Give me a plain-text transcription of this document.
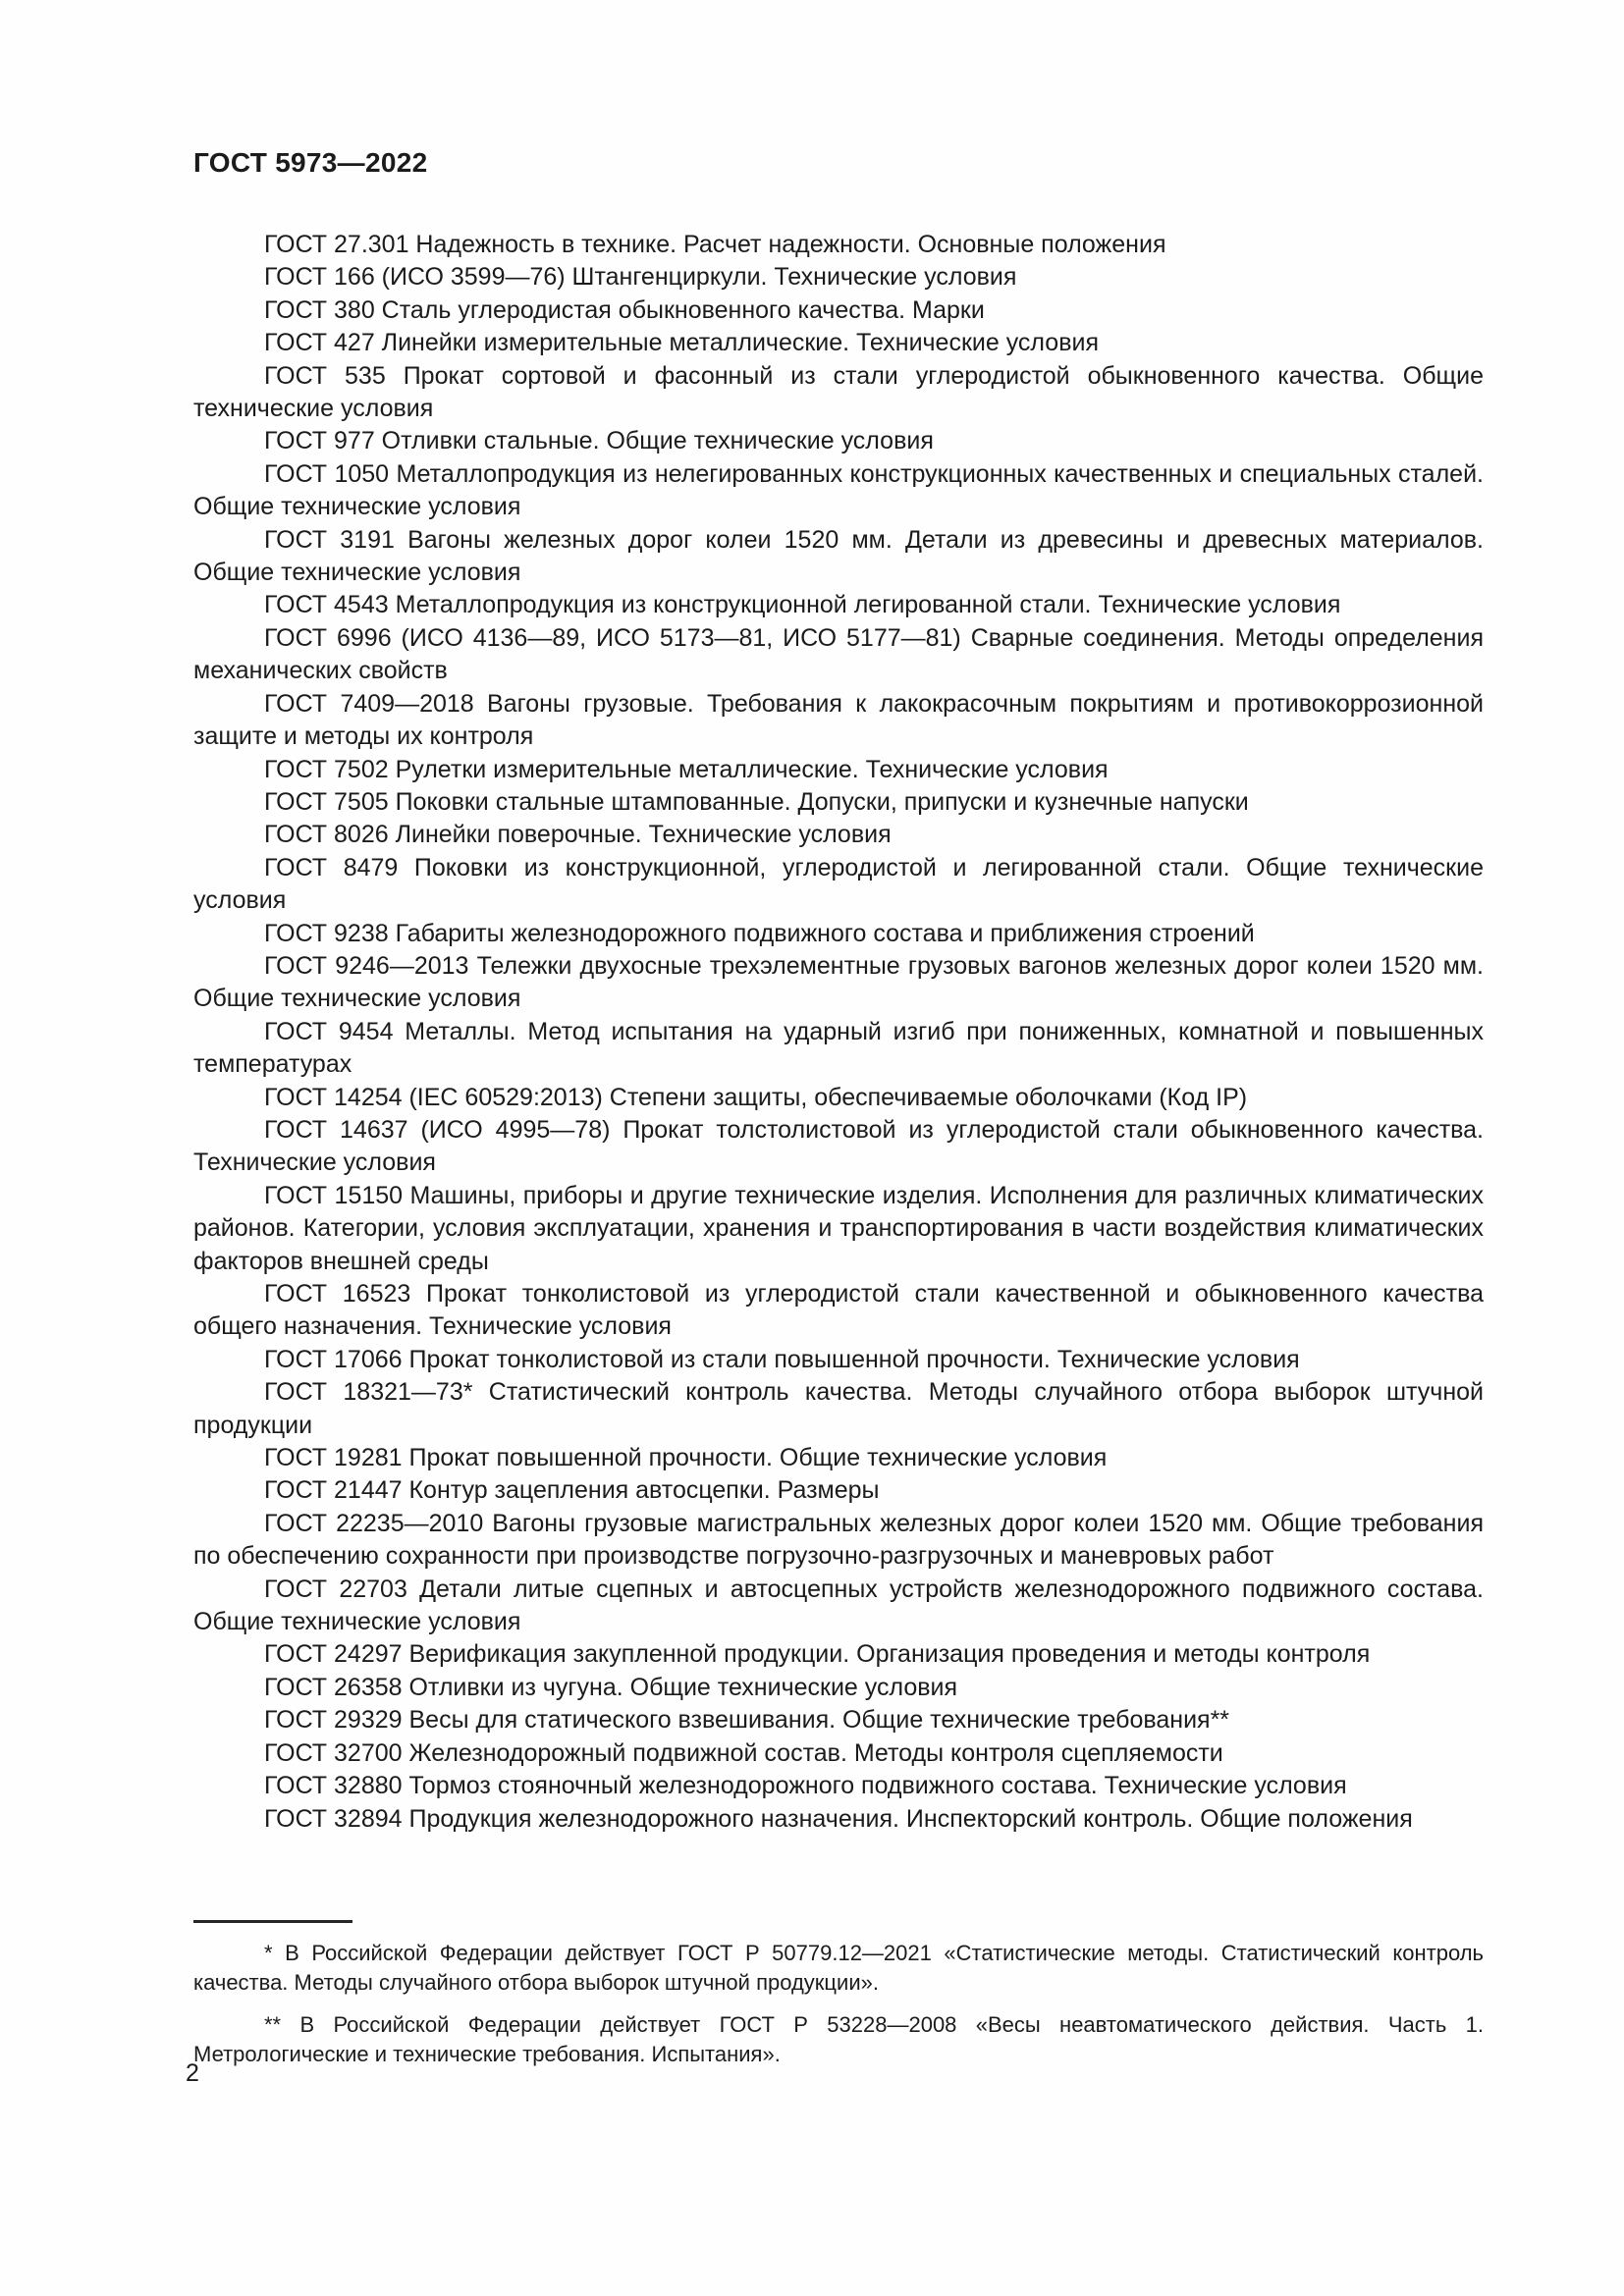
ГОСТ 5973—2022

ГОСТ 27.301 Надежность в технике. Расчет надежности. Основные положения

ГОСТ 166 (ИСО 3599—76) Штангенциркули. Технические условия

ГОСТ 380 Сталь углеродистая обыкновенного качества. Марки

ГОСТ 427 Линейки измерительные металлические. Технические условия

ГОСТ 535 Прокат сортовой и фасонный из стали углеродистой обыкновенного качества. Общие технические условия

ГОСТ 977 Отливки стальные. Общие технические условия

ГОСТ 1050 Металлопродукция из нелегированных конструкционных качественных и специальных сталей. Общие технические условия

ГОСТ 3191 Вагоны железных дорог колеи 1520 мм. Детали из древесины и древесных материалов. Общие технические условия

ГОСТ 4543 Металлопродукция из конструкционной легированной стали. Технические условия

ГОСТ 6996 (ИСО 4136—89, ИСО 5173—81, ИСО 5177—81) Сварные соединения. Методы определения механических свойств

ГОСТ 7409—2018 Вагоны грузовые. Требования к лакокрасочным покрытиям и противокоррозионной защите и методы их контроля

ГОСТ 7502 Рулетки измерительные металлические. Технические условия

ГОСТ 7505 Поковки стальные штампованные. Допуски, припуски и кузнечные напуски

ГОСТ 8026 Линейки поверочные. Технические условия

ГОСТ 8479 Поковки из конструкционной, углеродистой и легированной стали. Общие технические условия

ГОСТ 9238 Габариты железнодорожного подвижного состава и приближения строений

ГОСТ 9246—2013 Тележки двухосные трехэлементные грузовых вагонов железных дорог колеи 1520 мм. Общие технические условия

ГОСТ 9454 Металлы. Метод испытания на ударный изгиб при пониженных, комнатной и повышенных температурах

ГОСТ 14254 (IEC 60529:2013) Степени защиты, обеспечиваемые оболочками (Код IP)

ГОСТ 14637 (ИСО 4995—78) Прокат толстолистовой из углеродистой стали обыкновенного качества. Технические условия

ГОСТ 15150 Машины, приборы и другие технические изделия. Исполнения для различных климатических районов. Категории, условия эксплуатации, хранения и транспортирования в части воздействия климатических факторов внешней среды

ГОСТ 16523 Прокат тонколистовой из углеродистой стали качественной и обыкновенного качества общего назначения. Технические условия

ГОСТ 17066 Прокат тонколистовой из стали повышенной прочности. Технические условия

ГОСТ 18321—73* Статистический контроль качества. Методы случайного отбора выборок штучной продукции

ГОСТ 19281 Прокат повышенной прочности. Общие технические условия

ГОСТ 21447 Контур зацепления автосцепки. Размеры

ГОСТ 22235—2010 Вагоны грузовые магистральных железных дорог колеи 1520 мм. Общие требования по обеспечению сохранности при производстве погрузочно-разгрузочных и маневровых работ

ГОСТ 22703 Детали литые сцепных и автосцепных устройств железнодорожного подвижного состава. Общие технические условия

ГОСТ 24297 Верификация закупленной продукции. Организация проведения и методы контроля

ГОСТ 26358 Отливки из чугуна. Общие технические условия

ГОСТ 29329 Весы для статического взвешивания. Общие технические требования**

ГОСТ 32700 Железнодорожный подвижной состав. Методы контроля сцепляемости

ГОСТ 32880 Тормоз стояночный железнодорожного подвижного состава. Технические условия

ГОСТ 32894 Продукция железнодорожного назначения. Инспекторский контроль. Общие положения

* В Российской Федерации действует ГОСТ Р 50779.12—2021 «Статистические методы. Статистический контроль качества. Методы случайного отбора выборок штучной продукции».

** В Российской Федерации действует ГОСТ Р 53228—2008 «Весы неавтоматического действия. Часть 1. Метрологические и технические требования. Испытания».

2
